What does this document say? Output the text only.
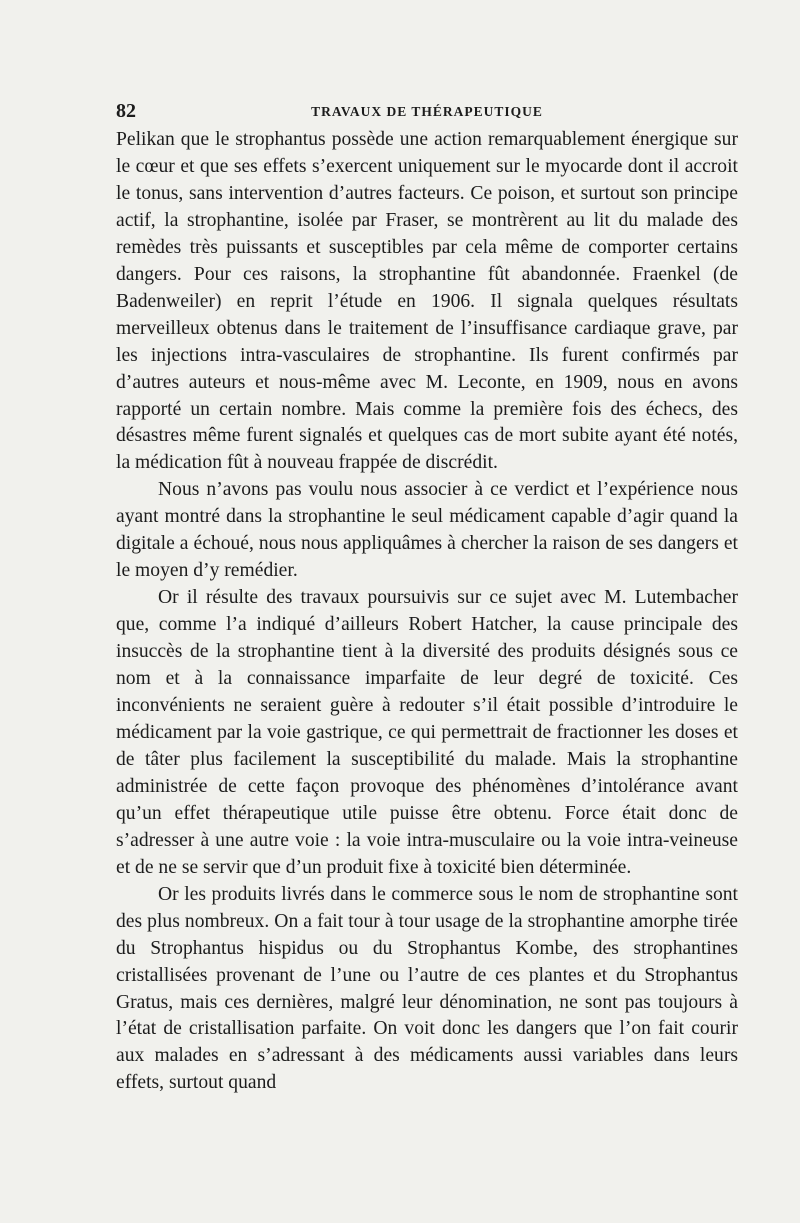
82	TRAVAUX DE THÉRAPEUTIQUE

Pelikan que le strophantus possède une action remarquablement énergique sur le cœur et que ses effets s’exercent uniquement sur le myocarde dont il accroit le tonus, sans intervention d’autres facteurs. Ce poison, et surtout son principe actif, la strophantine, isolée par Fraser, se montrèrent au lit du malade des remèdes très puissants et susceptibles par cela même de comporter certains dangers. Pour ces raisons, la strophantine fût abandonnée. Fraenkel (de Badenweiler) en reprit l’étude en 1906. Il signala quelques résultats merveilleux obtenus dans le traitement de l’insuffisance cardiaque grave, par les injections intra-vasculaires de strophantine. Ils furent confirmés par d’autres auteurs et nous-même avec M. Leconte, en 1909, nous en avons rapporté un certain nombre. Mais comme la première fois des échecs, des désastres même furent signalés et quelques cas de mort subite ayant été notés, la médication fût à nouveau frappée de discrédit.

Nous n’avons pas voulu nous associer à ce verdict et l’expérience nous ayant montré dans la strophantine le seul médicament capable d’agir quand la digitale a échoué, nous nous appliquâmes à chercher la raison de ses dangers et le moyen d’y remédier.

Or il résulte des travaux poursuivis sur ce sujet avec M. Lutembacher que, comme l’a indiqué d’ailleurs Robert Hatcher, la cause principale des insuccès de la strophantine tient à la diversité des produits désignés sous ce nom et à la connaissance imparfaite de leur degré de toxicité. Ces inconvénients ne seraient guère à redouter s’il était possible d’introduire le médicament par la voie gastrique, ce qui permettrait de fractionner les doses et de tâter plus facilement la susceptibilité du malade. Mais la strophantine administrée de cette façon provoque des phénomènes d’intolérance avant qu’un effet thérapeutique utile puisse être obtenu. Force était donc de s’adresser à une autre voie : la voie intra-musculaire ou la voie intra-veineuse et de ne se servir que d’un produit fixe à toxicité bien déterminée.

Or les produits livrés dans le commerce sous le nom de strophantine sont des plus nombreux. On a fait tour à tour usage de la strophantine amorphe tirée du Strophantus hispidus ou du Strophantus Kombe, des strophantines cristallisées provenant de l’une ou l’autre de ces plantes et du Strophantus Gratus, mais ces dernières, malgré leur dénomination, ne sont pas toujours à l’état de cristallisation parfaite. On voit donc les dangers que l’on fait courir aux malades en s’adressant à des médicaments aussi variables dans leurs effets, surtout quand
